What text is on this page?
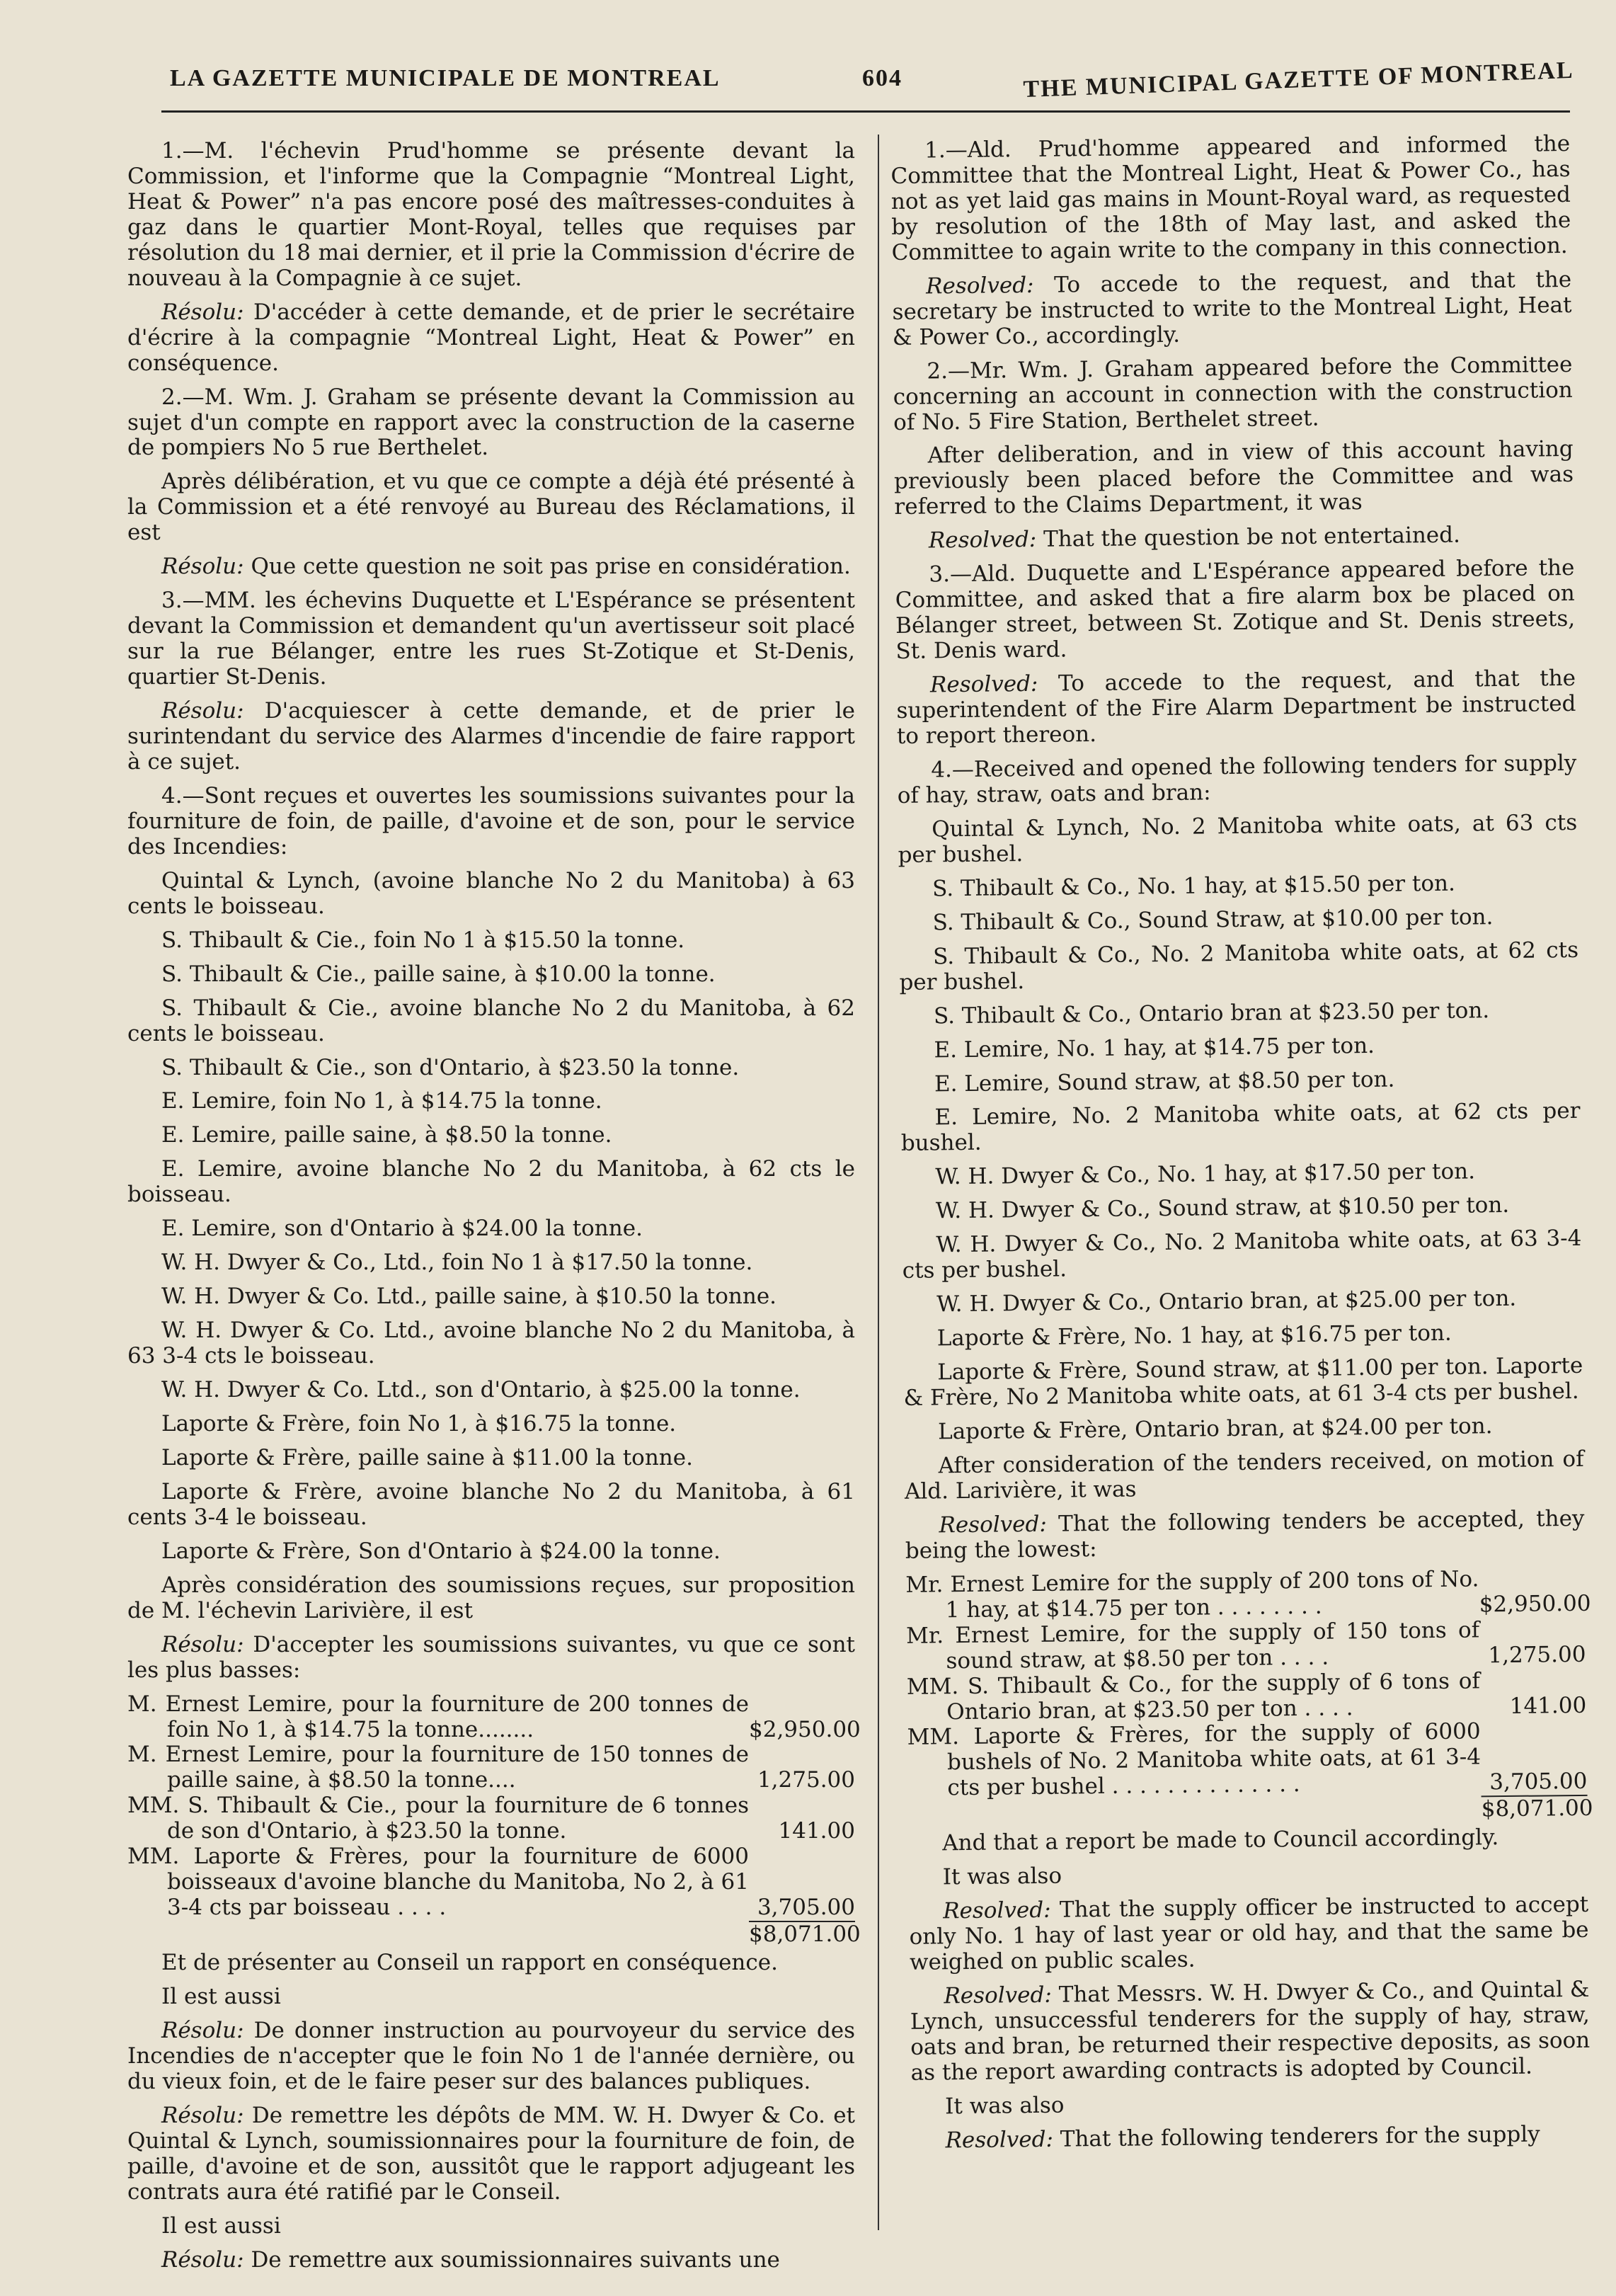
LA GAZETTE MUNICIPALE DE MONTREAL	604	THE MUNICIPAL GAZETTE OF MONTREAL

1.—M. l'échevin Prud'homme se présente devant la Commission, et l'informe que la Compagnie “Montreal Light, Heat & Power” n'a pas encore posé des maîtresses-conduites à gaz dans le quartier Mont-Royal, telles que requises par résolution du 18 mai dernier, et il prie la Commission d'écrire de nouveau à la Compagnie à ce sujet.

Résolu: D'accéder à cette demande, et de prier le secrétaire d'écrire à la compagnie “Montreal Light, Heat & Power” en conséquence.

2.—M. Wm. J. Graham se présente devant la Commission au sujet d'un compte en rapport avec la construction de la caserne de pompiers No 5 rue Berthelet.

Après délibération, et vu que ce compte a déjà été présenté à la Commission et a été renvoyé au Bureau des Réclamations, il est

Résolu: Que cette question ne soit pas prise en considération.

3.—MM. les échevins Duquette et L'Espérance se présentent devant la Commission et demandent qu'un avertisseur soit placé sur la rue Bélanger, entre les rues St-Zotique et St-Denis, quartier St-Denis.

Résolu: D'acquiescer à cette demande, et de prier le surintendant du service des Alarmes d'incendie de faire rapport à ce sujet.

4.—Sont reçues et ouvertes les soumissions suivantes pour la fourniture de foin, de paille, d'avoine et de son, pour le service des Incendies:

Quintal & Lynch, (avoine blanche No 2 du Manitoba) à 63 cents le boisseau.

S. Thibault & Cie., foin No 1 à $15.50 la tonne.

S. Thibault & Cie., paille saine, à $10.00 la tonne.

S. Thibault & Cie., avoine blanche No 2 du Manitoba, à 62 cents le boisseau.

S. Thibault & Cie., son d'Ontario, à $23.50 la tonne.

E. Lemire, foin No 1, à $14.75 la tonne.

E. Lemire, paille saine, à $8.50 la tonne.

E. Lemire, avoine blanche No 2 du Manitoba, à 62 cts le boisseau.

E. Lemire, son d'Ontario à $24.00 la tonne.

W. H. Dwyer & Co., Ltd., foin No 1 à $17.50 la tonne.

W. H. Dwyer & Co. Ltd., paille saine, à $10.50 la tonne.

W. H. Dwyer & Co. Ltd., avoine blanche No 2 du Manitoba, à 63 3-4 cts le boisseau.

W. H. Dwyer & Co. Ltd., son d'Ontario, à $25.00 la tonne.

Laporte & Frère, foin No 1, à $16.75 la tonne.

Laporte & Frère, paille saine à $11.00 la tonne.

Laporte & Frère, avoine blanche No 2 du Manitoba, à 61 cents 3-4 le boisseau.

Laporte & Frère, Son d'Ontario à $24.00 la tonne.

Après considération des soumissions reçues, sur proposition de M. l'échevin Larivière, il est

Résolu: D'accepter les soumissions suivantes, vu que ce sont les plus basses:

M. Ernest Lemire, pour la fourniture de 200 tonnes de foin No 1, à $14.75 la tonne........	$2,950.00
M. Ernest Lemire, pour la fourniture de 150 tonnes de paille saine, à $8.50 la tonne....	1,275.00
MM. S. Thibault & Cie., pour la fourniture de 6 tonnes de son d'Ontario, à $23.50 la tonne.	141.00
MM. Laporte & Frères, pour la fourniture de 6000 boisseaux d'avoine blanche du Manitoba, No 2, à 61 3-4 cts par boisseau . . . .	3,705.00
$8,071.00

Et de présenter au Conseil un rapport en conséquence.

Il est aussi

Résolu: De donner instruction au pourvoyeur du service des Incendies de n'accepter que le foin No 1 de l'année dernière, ou du vieux foin, et de le faire peser sur des balances publiques.

Résolu: De remettre les dépôts de MM. W. H. Dwyer & Co. et Quintal & Lynch, soumissionnaires pour la fourniture de foin, de paille, d'avoine et de son, aussitôt que le rapport adjugeant les contrats aura été ratifié par le Conseil.

Il est aussi

Résolu: De remettre aux soumissionnaires suivants une

1.—Ald. Prud'homme appeared and informed the Committee that the Montreal Light, Heat & Power Co., has not as yet laid gas mains in Mount-Royal ward, as requested by resolution of the 18th of May last, and asked the Committee to again write to the company in this connection.

Resolved: To accede to the request, and that the secretary be instructed to write to the Montreal Light, Heat & Power Co., accordingly.

2.—Mr. Wm. J. Graham appeared before the Committee concerning an account in connection with the construction of No. 5 Fire Station, Berthelet street.

After deliberation, and in view of this account having previously been placed before the Committee and was referred to the Claims Department, it was

Resolved: That the question be not entertained.

3.—Ald. Duquette and L'Espérance appeared before the Committee, and asked that a fire alarm box be placed on Bélanger street, between St. Zotique and St. Denis streets, St. Denis ward.

Resolved: To accede to the request, and that the superintendent of the Fire Alarm Department be instructed to report thereon.

4.—Received and opened the following tenders for supply of hay, straw, oats and bran:

Quintal & Lynch, No. 2 Manitoba white oats, at 63 cts per bushel.

S. Thibault & Co., No. 1 hay, at $15.50 per ton.

S. Thibault & Co., Sound Straw, at $10.00 per ton.

S. Thibault & Co., No. 2 Manitoba white oats, at 62 cts per bushel.

S. Thibault & Co., Ontario bran at $23.50 per ton.

E. Lemire, No. 1 hay, at $14.75 per ton.

E. Lemire, Sound straw, at $8.50 per ton.

E. Lemire, No. 2 Manitoba white oats, at 62 cts per bushel.

W. H. Dwyer & Co., No. 1 hay, at $17.50 per ton.

W. H. Dwyer & Co., Sound straw, at $10.50 per ton.

W. H. Dwyer & Co., No. 2 Manitoba white oats, at 63 3-4 cts per bushel.

W. H. Dwyer & Co., Ontario bran, at $25.00 per ton.

Laporte & Frère, No. 1 hay, at $16.75 per ton.

Laporte & Frère, Sound straw, at $11.00 per ton. Laporte & Frère, No 2 Manitoba white oats, at 61 3-4 cts per bushel.

Laporte & Frère, Ontario bran, at $24.00 per ton.

After consideration of the tenders received, on motion of Ald. Larivière, it was

Resolved: That the following tenders be accepted, they being the lowest:

Mr. Ernest Lemire for the supply of 200 tons of No. 1 hay, at $14.75 per ton . . . . . . . .	$2,950.00
Mr. Ernest Lemire, for the supply of 150 tons of sound straw, at $8.50 per ton . . . .	1,275.00
MM. S. Thibault & Co., for the supply of 6 tons of Ontario bran, at $23.50 per ton . . . .	141.00
MM. Laporte & Frères, for the supply of 6000 bushels of No. 2 Manitoba white oats, at 61 3-4 cts per bushel . . . . . . . . . . . . . .	3,705.00
$8,071.00

And that a report be made to Council accordingly.

It was also

Resolved: That the supply officer be instructed to accept only No. 1 hay of last year or old hay, and that the same be weighed on public scales.

Resolved: That Messrs. W. H. Dwyer & Co., and Quintal & Lynch, unsuccessful tenderers for the supply of hay, straw, oats and bran, be returned their respective deposits, as soon as the report awarding contracts is adopted by Council.

It was also

Resolved: That the following tenderers for the supply
